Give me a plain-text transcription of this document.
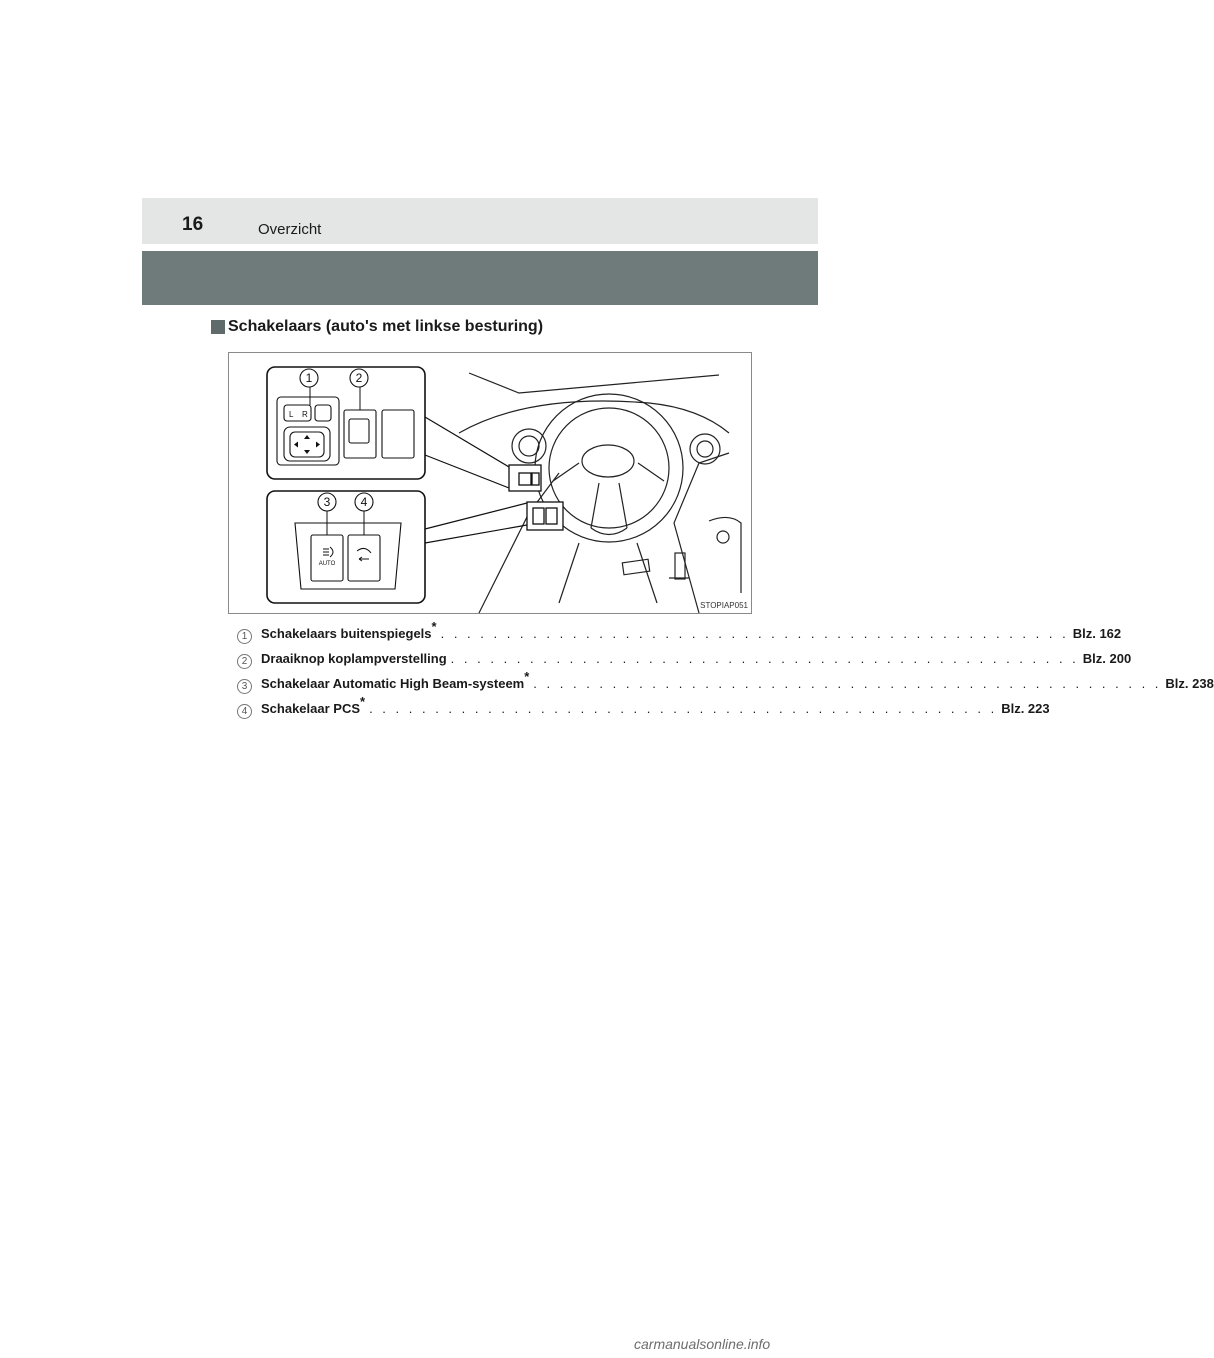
16	Overzicht
Schakelaars (auto's met linkse besturing)
L R
1	2
AUTO
3	4
STOPIAP051
1	Schakelaars buitenspiegels* . . . . . . . . . . . . . . . . . . . . . . . . . . . . . . . . . . . . . . . . . . . . . . . . Blz. 162
2	Draaiknop koplampverstelling . . . . . . . . . . . . . . . . . . . . . . . . . . . . . . . . . . . . . . . . . . . . . . . . Blz. 200
3	Schakelaar Automatic High Beam-systeem* . . . . . . . . . . . . . . . . . . . . . . . . . . . . . . . . . . . . . . . . . . . . . . . . Blz. 238
4	Schakelaar PCS* . . . . . . . . . . . . . . . . . . . . . . . . . . . . . . . . . . . . . . . . . . . . . . . . Blz. 223
carmanualsonline.info
